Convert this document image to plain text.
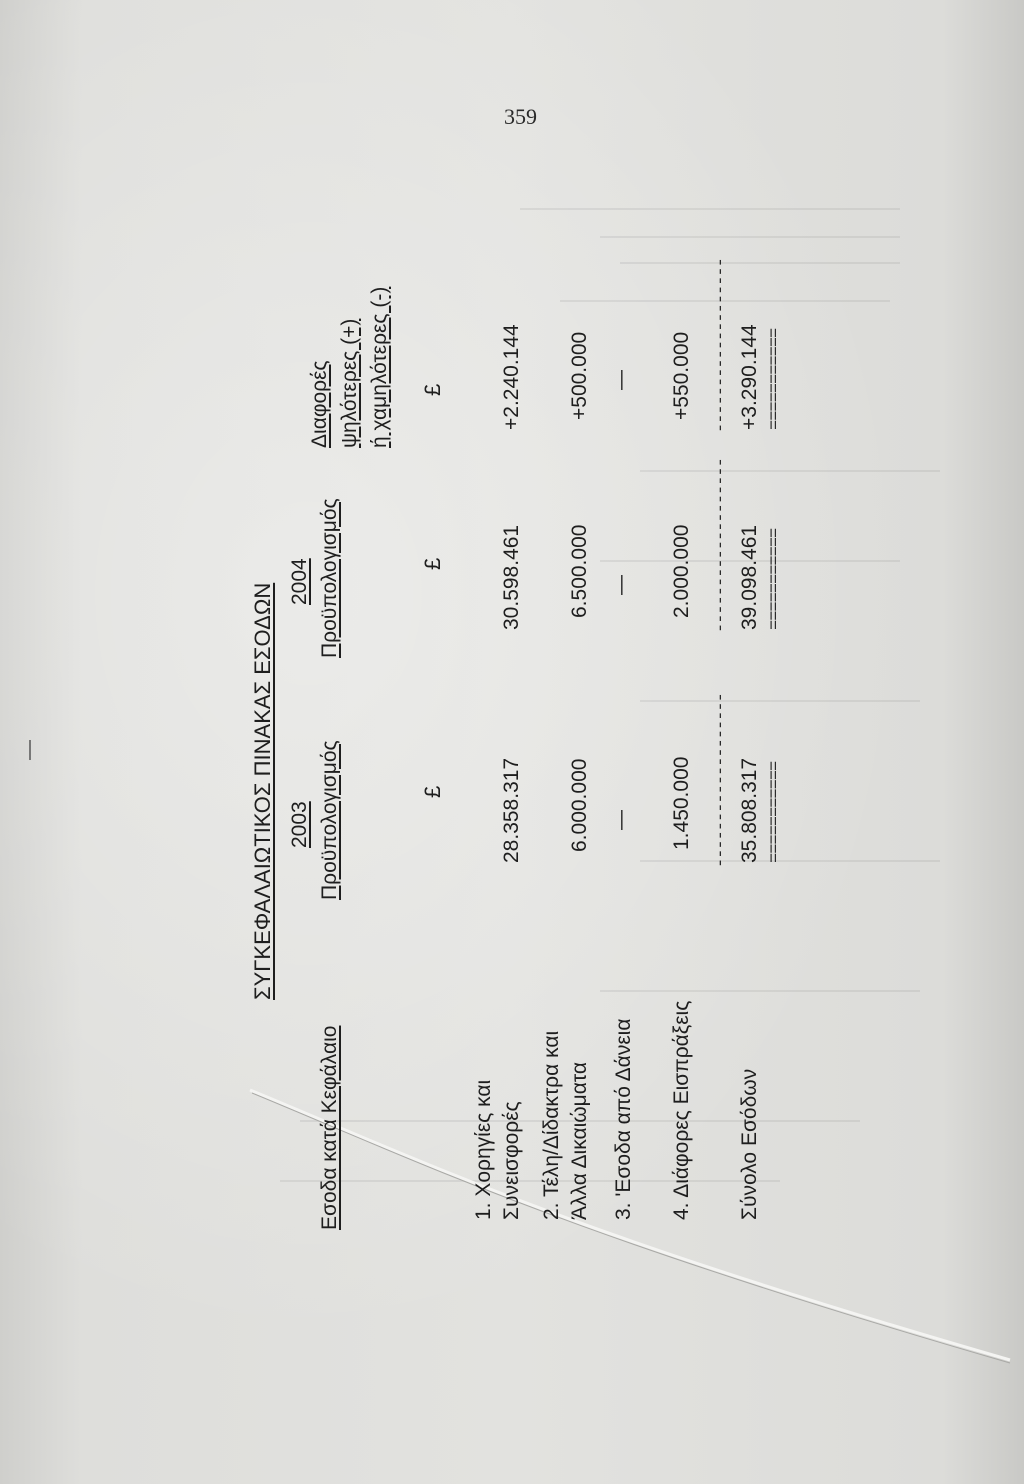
359
ΣΥΓΚΕΦΑΛΑΙΩΤΙΚΟΣ ΠΙΝΑΚΑΣ ΕΣΟΔΩΝ
Εσοδα κατά Κεφάλαιο
2003 Προϋπολογισμός
2004 Προϋπολογισμός
Διαφορές ψηλότερες (+) ή χαμηλότερες (-)
£
£
£
1. Χορηγίες και Συνεισφορές
28.358.317
30.598.461
+2.240.144
2. Τέλη/Δίδακτρα και Άλλα Δικαιώματα
6.000.000
6.500.000
+500.000
3. 'Εσοδα από Δάνεια
—
—
—
4. Διάφορες Εισπράξεις
1.450.000
2.000.000
+550.000
-------------------
-------------------
-------------------
Σύνολο Εσόδων
35.808.317
39.098.461
+3.290.144
===========
===========
===========
